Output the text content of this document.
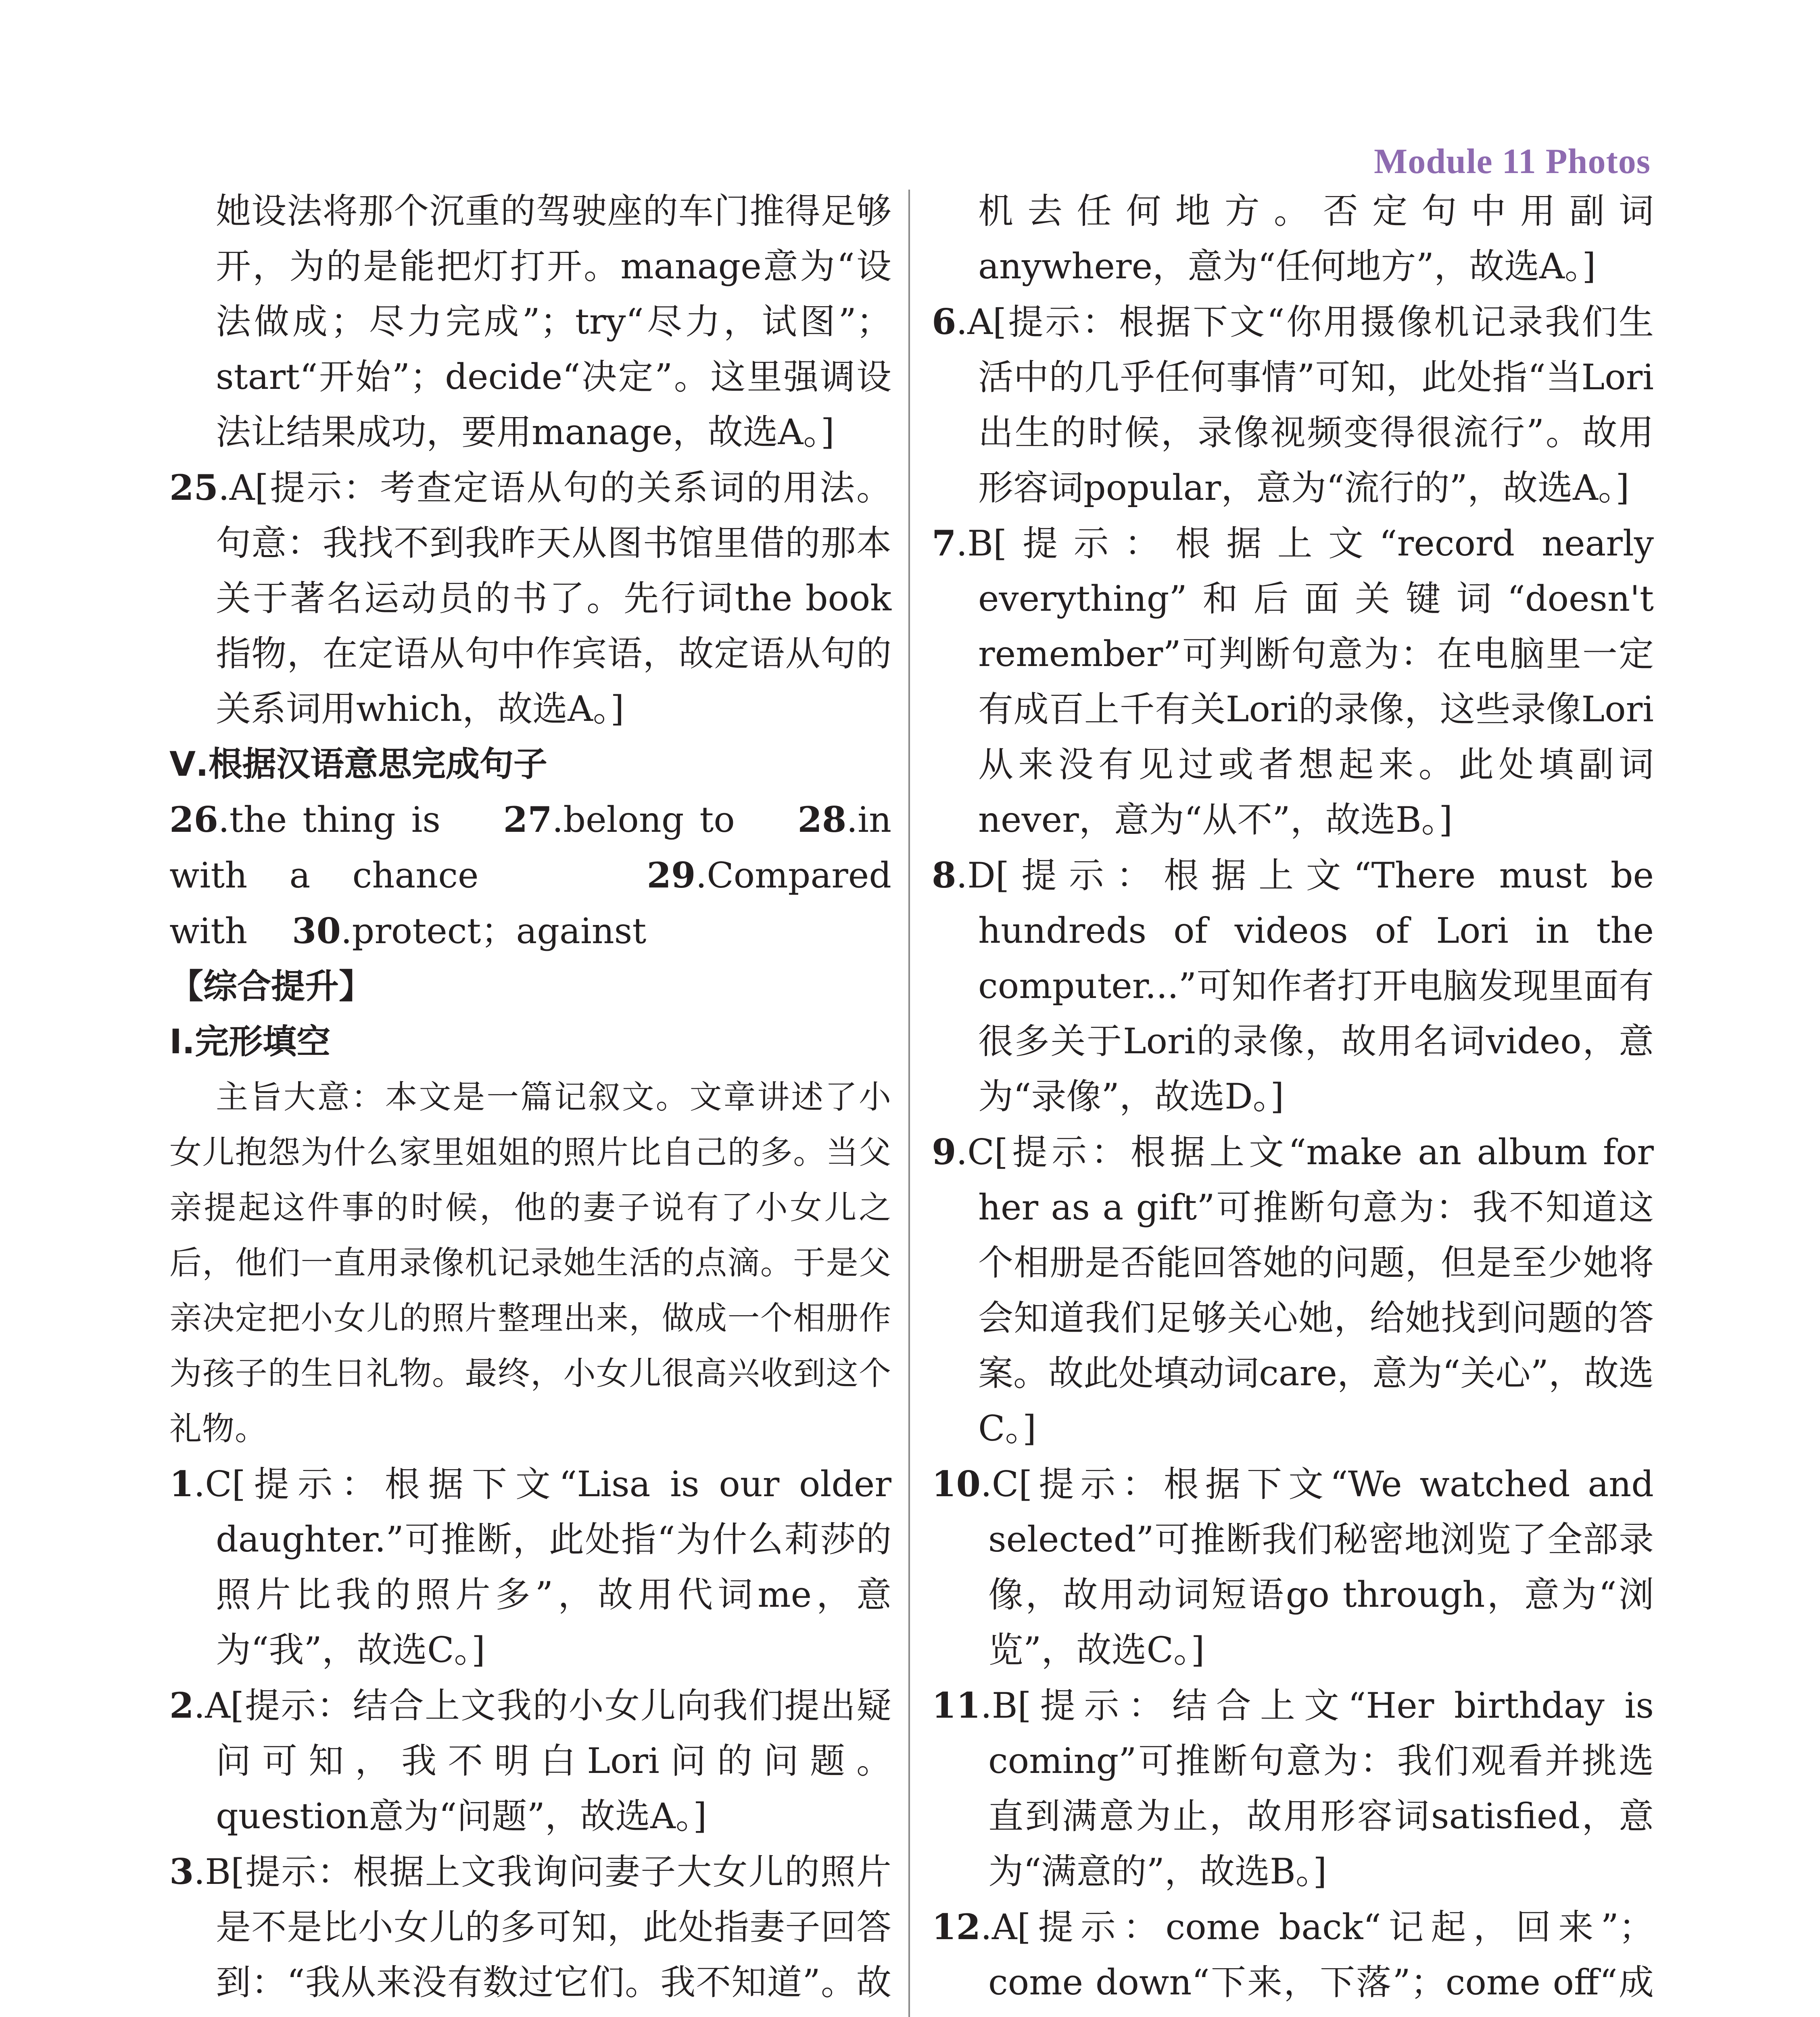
Module 11 Photos
她设法将那个沉重的驾驶座的车门推得足够开，为的是能把灯打开。manage意为“设法做成；尽力完成”；try“尽力，试图”；start“开始”；decide“决定”。这里强调设法让结果成功，要用manage，故选A。]
25.A[提示：考查定语从句的关系词的用法。句意：我找不到我昨天从图书馆里借的那本关于著名运动员的书了。先行词the book指物，在定语从句中作宾语，故定语从句的关系词用which，故选A。]
Ⅴ.根据汉语意思完成句子
26.the thing is 27.belong to 28.in with a chance	29.Compared with 30.protect；against
【综合提升】
Ⅰ.完形填空
主旨大意：本文是一篇记叙文。文章讲述了小女儿抱怨为什么家里姐姐的照片比自己的多。当父亲提起这件事的时候，他的妻子说有了小女儿之后，他们一直用录像机记录她生活的点滴。于是父亲决定把小女儿的照片整理出来，做成一个相册作为孩子的生日礼物。最终，小女儿很高兴收到这个礼物。
1.C[提示：根据下文“Lisa is our older daughter.”可推断，此处指“为什么莉莎的照片比我的照片多”，故用代词me，意为“我”，故选C。]
2.A[提示：结合上文我的小女儿向我们提出疑问可知，我不明白Lori问的问题。question意为“问题”，故选A。]
3.B[提示：根据上文我询问妻子大女儿的照片是不是比小女儿的多可知，此处指妻子回答到：“我从来没有数过它们。我不知道”。故
机去任何地方。否定句中用副词anywhere，意为“任何地方”，故选A。]
6.A[提示：根据下文“你用摄像机记录我们生活中的几乎任何事情”可知，此处指“当Lori出生的时候，录像视频变得很流行”。故用形容词popular，意为“流行的”，故选A。]
7.B[提示：根据上文“record nearly everything”和后面关键词“doesn't remember”可判断句意为：在电脑里一定有成百上千有关Lori的录像，这些录像Lori从来没有见过或者想起来。此处填副词never，意为“从不”，故选B。]
8.D[提示：根据上文“There must be hundreds of videos of Lori in the computer...”可知作者打开电脑发现里面有很多关于Lori的录像，故用名词video，意为“录像”，故选D。]
9.C[提示：根据上文“make an album for her as a gift”可推断句意为：我不知道这个相册是否能回答她的问题，但是至少她将会知道我们足够关心她，给她找到问题的答案。故此处填动词care，意为“关心”，故选C。]
10.C[提示：根据下文“We watched and selected”可推断我们秘密地浏览了全部录像，故用动词短语go through，意为“浏览”，故选C。]
11.B[提示：结合上文“Her birthday is coming”可推断句意为：我们观看并挑选直到满意为止，故用形容词satisfied，意为“满意的”，故选B。]
12.A[提示：come back“记起，回来”；come down“下来，下落”；come off“成
